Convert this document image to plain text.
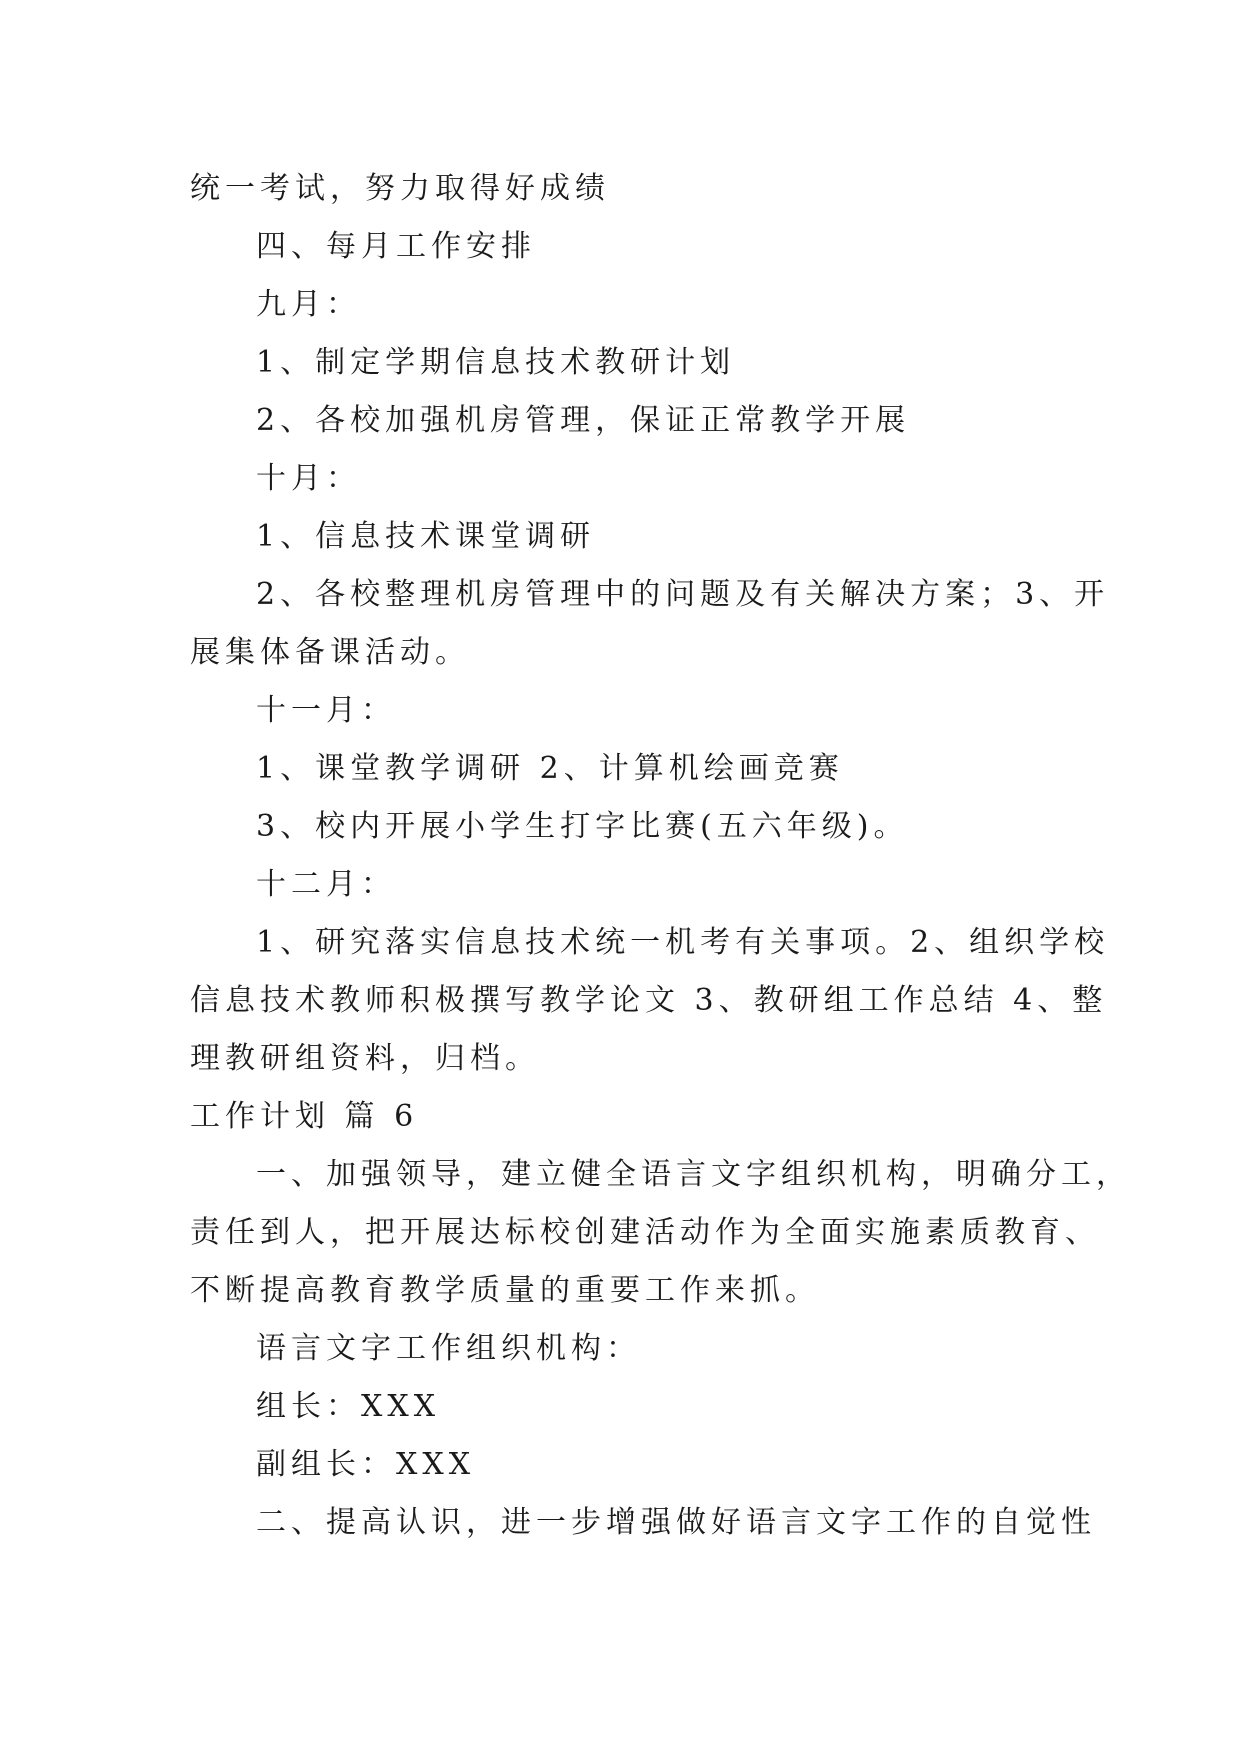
统一考试，努力取得好成绩
四、每月工作安排
九月：
1、制定学期信息技术教研计划
2、各校加强机房管理，保证正常教学开展
十月：
1、信息技术课堂调研
2、各校整理机房管理中的问题及有关解决方案；3、开
展集体备课活动。
十一月：
1、课堂教学调研 2、计算机绘画竞赛
3、校内开展小学生打字比赛(五六年级)。
十二月：
1、研究落实信息技术统一机考有关事项。2、组织学校
信息技术教师积极撰写教学论文 3、教研组工作总结 4、整
理教研组资料，归档。
工作计划 篇 6
一、加强领导，建立健全语言文字组织机构，明确分工，
责任到人，把开展达标校创建活动作为全面实施素质教育、
不断提高教育教学质量的重要工作来抓。
语言文字工作组织机构：
组长：XXX
副组长：XXX
二、提高认识，进一步增强做好语言文字工作的自觉性
